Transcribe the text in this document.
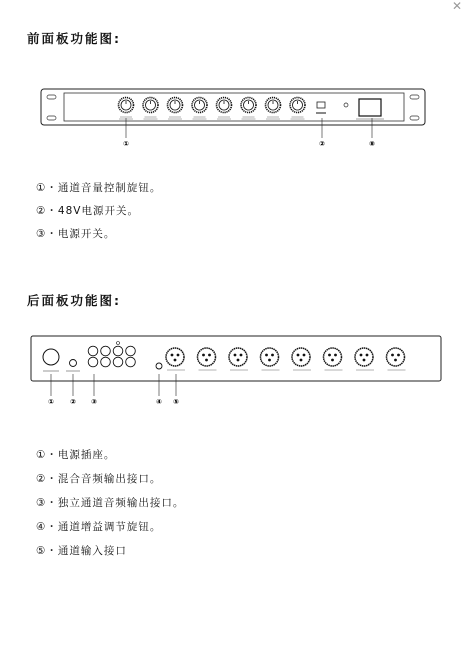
✕
前面板功能图:
①	②	⑧
① ② ③	④ ⑤
①・通道音量控制旋钮。
②・48V电源开关。
③・电源开关。
后面板功能图:
①・电源插座。
②・混合音频输出接口。
③・独立通道音频输出接口。
④・通道增益调节旋钮。
⑤・通道输入接口
